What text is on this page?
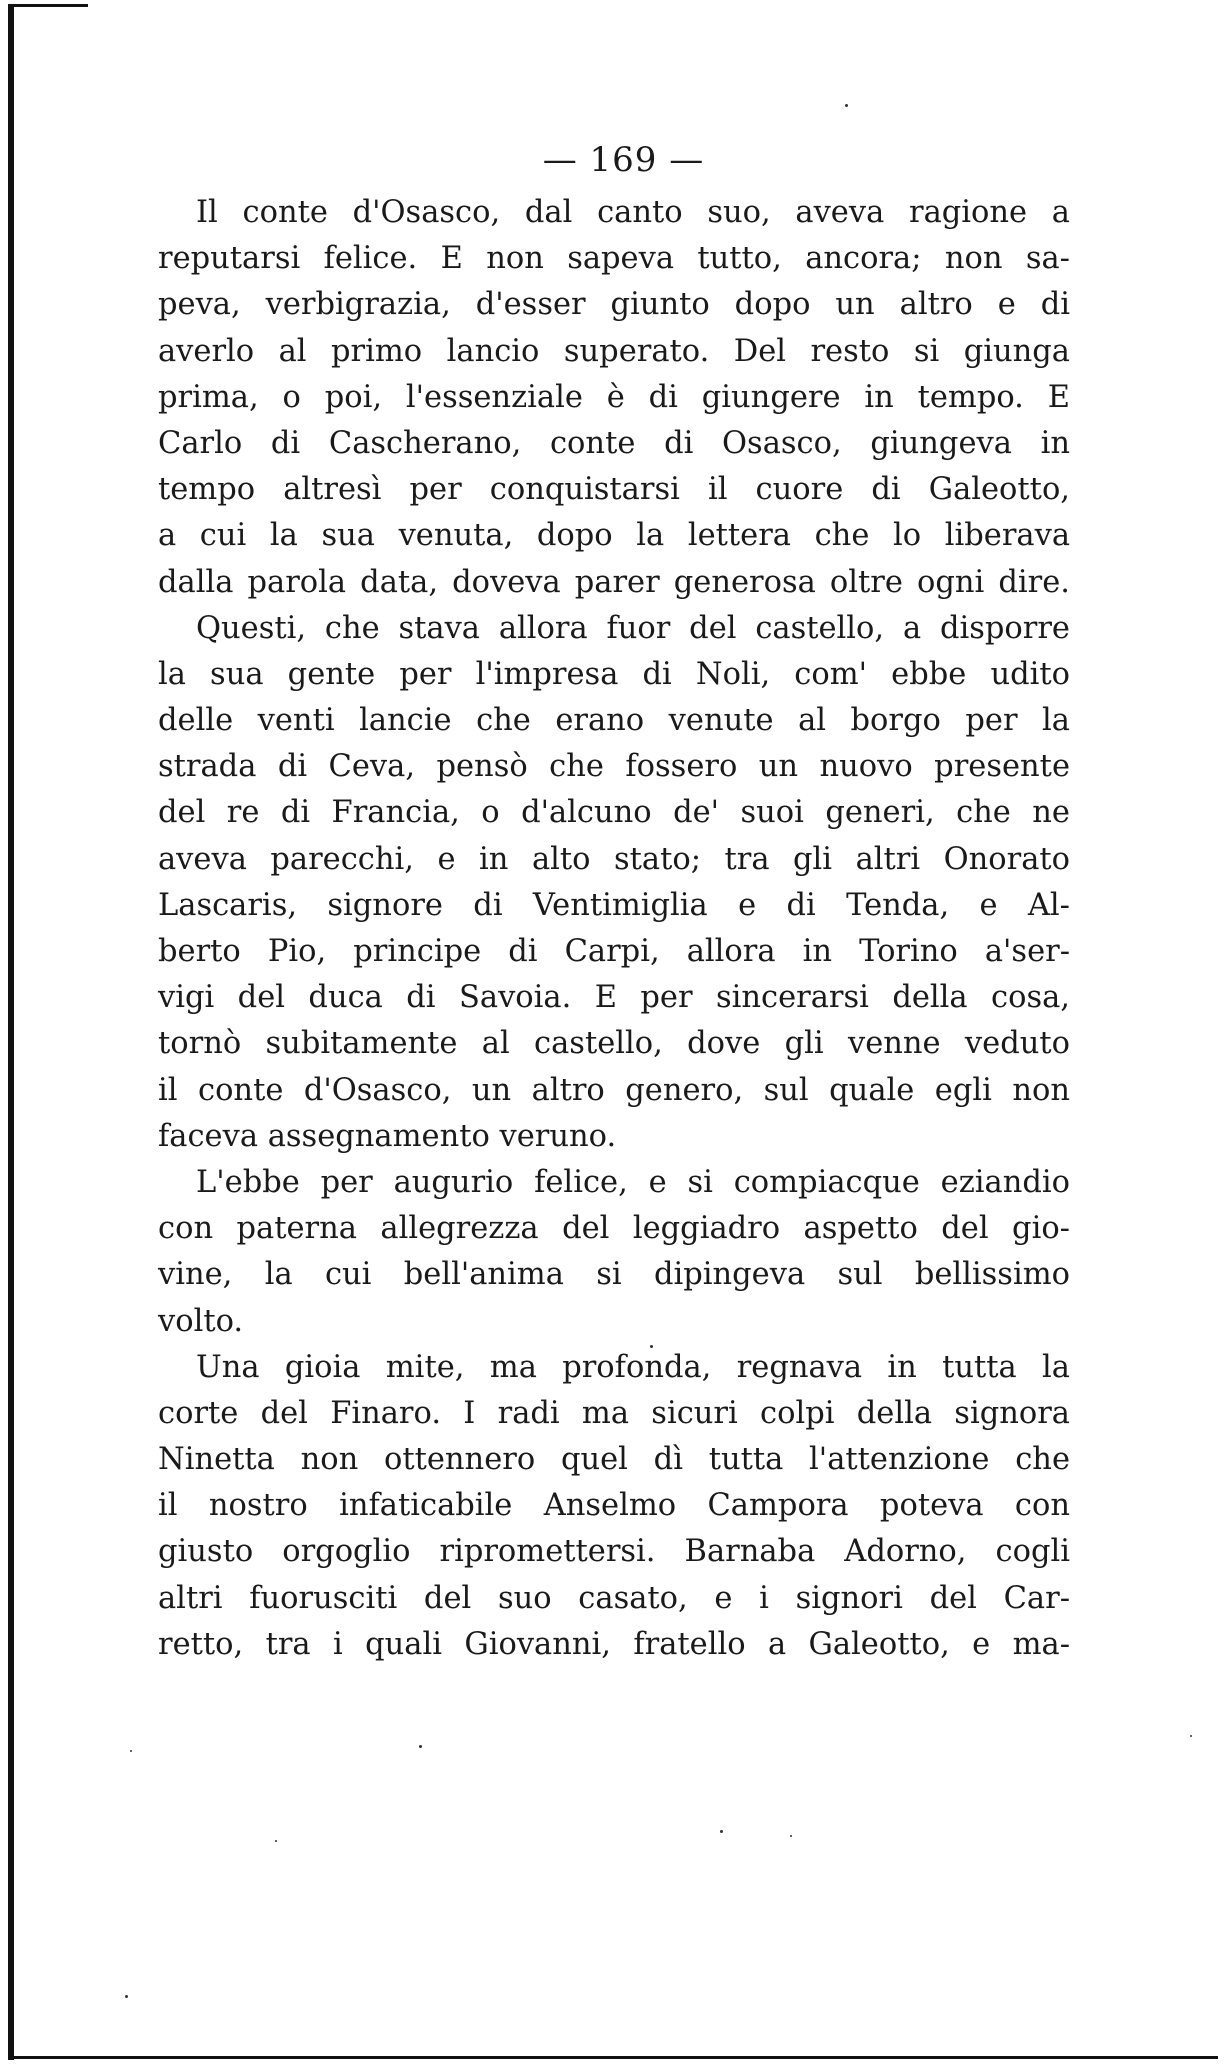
— 169 —
Il conte d'Osasco, dal canto suo, aveva ragione a
reputarsi felice. E non sapeva tutto, ancora; non sa-
peva, verbigrazia, d'esser giunto dopo un altro e di
averlo al primo lancio superato. Del resto si giunga
prima, o poi, l'essenziale è di giungere in tempo. E
Carlo di Cascherano, conte di Osasco, giungeva in
tempo altresì per conquistarsi il cuore di Galeotto,
a cui la sua venuta, dopo la lettera che lo liberava
dalla parola data, doveva parer generosa oltre ogni dire.
Questi, che stava allora fuor del castello, a disporre
la sua gente per l'impresa di Noli, com' ebbe udito
delle venti lancie che erano venute al borgo per la
strada di Ceva, pensò che fossero un nuovo presente
del re di Francia, o d'alcuno de' suoi generi, che ne
aveva parecchi, e in alto stato; tra gli altri Onorato
Lascaris, signore di Ventimiglia e di Tenda, e Al-
berto Pio, principe di Carpi, allora in Torino a'ser-
vigi del duca di Savoia. E per sincerarsi della cosa,
tornò subitamente al castello, dove gli venne veduto
il conte d'Osasco, un altro genero, sul quale egli non
faceva assegnamento veruno.
L'ebbe per augurio felice, e si compiacque eziandio
con paterna allegrezza del leggiadro aspetto del gio-
vine, la cui bell'anima si dipingeva sul bellissimo
volto.
Una gioia mite, ma profonda, regnava in tutta la
corte del Finaro. I radi ma sicuri colpi della signora
Ninetta non ottennero quel dì tutta l'attenzione che
il nostro infaticabile Anselmo Campora poteva con
giusto orgoglio ripromettersi. Barnaba Adorno, cogli
altri fuorusciti del suo casato, e i signori del Car-
retto, tra i quali Giovanni, fratello a Galeotto, e ma-
